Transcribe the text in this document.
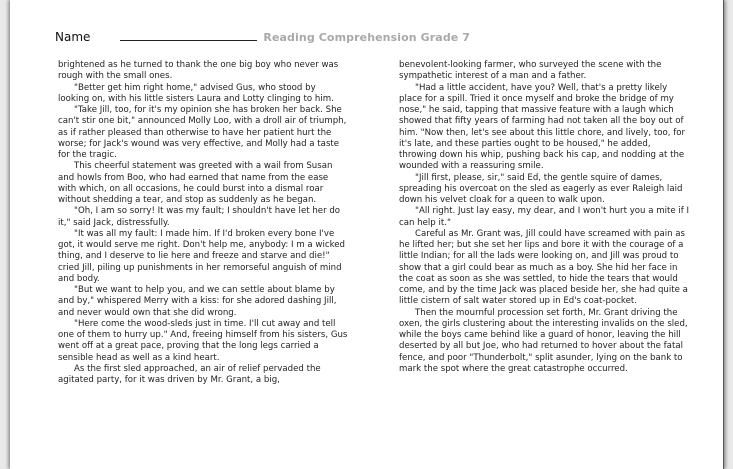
Name	Reading Comprehension Grade 7

brightened as he turned to thank the one big boy who never was rough with the small ones.

"Better get him right home," advised Gus, who stood by looking on, with his little sisters Laura and Lotty clinging to him.

"Take Jill, too, for it's my opinion she has broken her back. She can't stir one bit," announced Molly Loo, with a droll air of triumph, as if rather pleased than otherwise to have her patient hurt the worse; for Jack's wound was very effective, and Molly had a taste for the tragic.

This cheerful statement was greeted with a wail from Susan and howls from Boo, who had earned that name from the ease with which, on all occasions, he could burst into a dismal roar without shedding a tear, and stop as suddenly as he began.

"Oh, I am so sorry! It was my fault; I shouldn't have let her do it," said Jack, distressfully.

"It was all my fault: I made him. If I'd broken every bone I've got, it would serve me right. Don't help me, anybody: I m a wicked thing, and I deserve to lie here and freeze and starve and die!" cried Jill, piling up punishments in her remorseful anguish of mind and body.

"But we want to help you, and we can settle about blame by and by," whispered Merry with a kiss: for she adored dashing Jill, and never would own that she did wrong.

"Here come the wood-sleds just in time. I'll cut away and tell one of them to hurry up." And, freeing himself from his sisters, Gus went off at a great pace, proving that the long legs carried a sensible head as well as a kind heart.

As the first sled approached, an air of relief pervaded the agitated party, for it was driven by Mr. Grant, a big,

benevolent-looking farmer, who surveyed the scene with the sympathetic interest of a man and a father.

"Had a little accident, have you? Well, that's a pretty likely place for a spill. Tried it once myself and broke the bridge of my nose," he said, tapping that massive feature with a laugh which showed that fifty years of farming had not taken all the boy out of him. "Now then, let's see about this little chore, and lively, too, for it's late, and these parties ought to be housed," he added, throwing down his whip, pushing back his cap, and nodding at the wounded with a reassuring smile.

"Jill first, please, sir," said Ed, the gentle squire of dames, spreading his overcoat on the sled as eagerly as ever Raleigh laid down his velvet cloak for a queen to walk upon.

"All right. Just lay easy, my dear, and I won't hurt you a mite if I can help it."

Careful as Mr. Grant was, Jill could have screamed with pain as he lifted her; but she set her lips and bore it with the courage of a little Indian; for all the lads were looking on, and Jill was proud to show that a girl could bear as much as a boy. She hid her face in the coat as soon as she was settled, to hide the tears that would come, and by the time Jack was placed beside her, she had quite a little cistern of salt water stored up in Ed's coat-pocket.

Then the mournful procession set forth, Mr. Grant driving the oxen, the girls clustering about the interesting invalids on the sled, while the boys came behind like a guard of honor, leaving the hill deserted by all but Joe, who had returned to hover about the fatal fence, and poor "Thunderbolt," split asunder, lying on the bank to mark the spot where the great catastrophe occurred.
